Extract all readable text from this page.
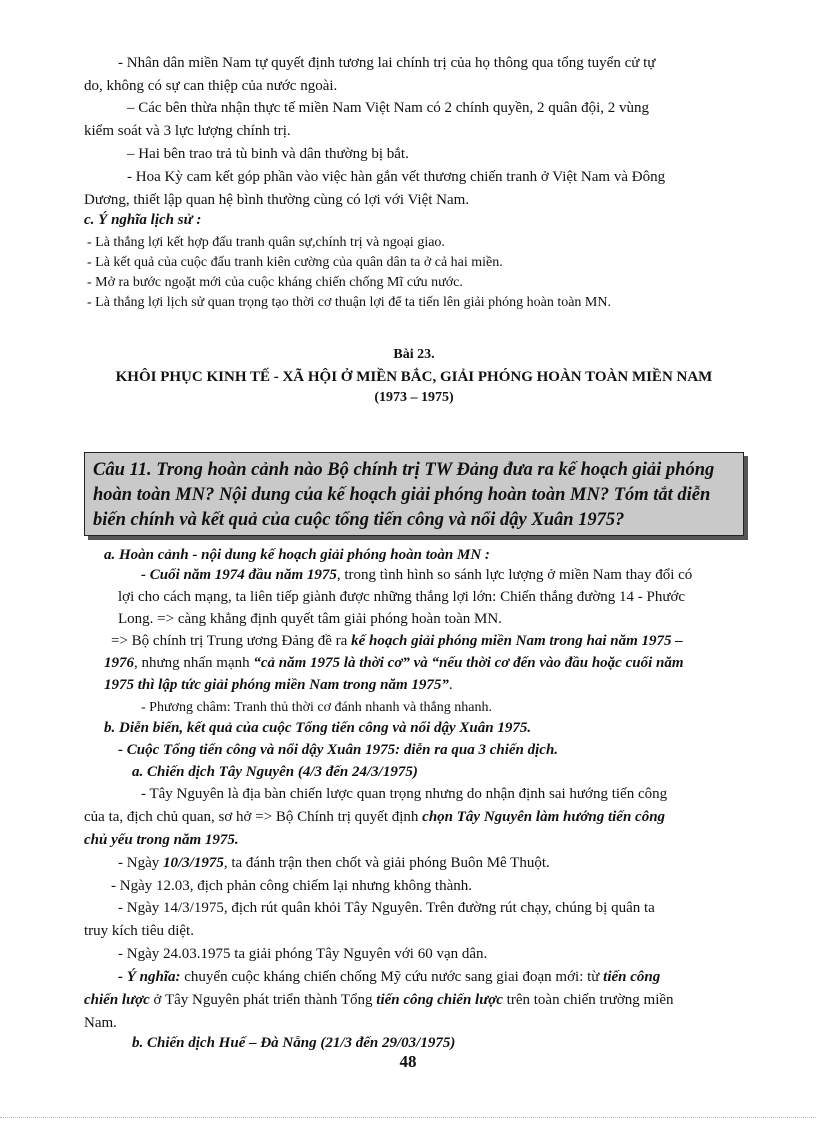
- Nhân dân miền Nam tự quyết định tương lai chính trị của họ thông qua tổng tuyển cử tự
do, không có sự can thiệp của nước ngoài.
– Các bên thừa nhận thực tế miền Nam Việt Nam có 2 chính quyền, 2 quân đội, 2 vùng
kiểm soát và 3 lực lượng chính trị.
– Hai bên trao trả tù binh và dân thường bị bắt.
- Hoa Kỳ cam kết góp phần vào việc hàn gắn vết thương chiến tranh ở Việt Nam và Đông
Dương, thiết lập quan hệ bình thường cùng có lợi với Việt Nam.
c. Ý nghĩa lịch sử :
- Là thắng lợi kết hợp đấu tranh quân sự,chính trị và ngoại giao.
- Là kết quả của cuộc đấu tranh kiên cường của quân dân ta ở cả hai miền.
- Mở ra bước ngoặt mới của cuộc kháng chiến chống Mĩ cứu nước.
- Là thắng lợi lịch sử quan trọng tạo thời cơ thuận lợi để ta tiến lên giải phóng hoàn toàn MN.
Bài 23.
KHÔI PHỤC KINH TẾ - XÃ HỘI Ở MIỀN BẮC, GIẢI PHÓNG HOÀN TOÀN MIỀN NAM
(1973 – 1975)
Câu 11. Trong hoàn cảnh nào Bộ chính trị TW Đảng đưa ra kế hoạch giải phóng
hoàn toàn MN? Nội dung của kế hoạch giải phóng hoàn toàn MN? Tóm tắt diễn
biến chính và kết quả của cuộc tổng tiến công và nổi dậy Xuân 1975?
a. Hoàn cảnh - nội dung kế hoạch giải phóng hoàn toàn MN :
- Cuối năm 1974 đầu năm 1975, trong tình hình so sánh lực lượng ở miền Nam thay đổi có
lợi cho cách mạng, ta liên tiếp giành được những thắng lợi lớn: Chiến thắng đường 14 - Phước
Long. => càng khẳng định quyết tâm giải phóng hoàn toàn MN.
=> Bộ chính trị Trung ương Đảng đề ra kế hoạch giải phóng miền Nam trong hai năm 1975 –
1976, nhưng nhấn mạnh “cả năm 1975 là thời cơ” và “nếu thời cơ đến vào đầu hoặc cuối năm
1975 thì lập tức giải phóng miền Nam trong năm 1975”.
- Phương châm: Tranh thủ thời cơ đánh nhanh và thắng nhanh.
b. Diễn biến, kết quả của cuộc Tổng tiến công và nổi dậy Xuân 1975.
- Cuộc Tổng tiến công và nổi dậy Xuân 1975: diễn ra qua 3 chiến dịch.
a. Chiến dịch Tây Nguyên (4/3 đến 24/3/1975)
- Tây Nguyên là địa bàn chiến lược quan trọng nhưng do nhận định sai hướng tiến công
của ta, địch chủ quan, sơ hở => Bộ Chính trị quyết định chọn Tây Nguyên làm hướng tiến công
chủ yếu trong năm 1975.
- Ngày 10/3/1975, ta đánh trận then chốt và giải phóng Buôn Mê Thuột.
- Ngày 12.03, địch phản công chiếm lại nhưng không thành.
- Ngày 14/3/1975, địch rút quân khỏi Tây Nguyên. Trên đường rút chạy, chúng bị quân ta
truy kích tiêu diệt.
- Ngày 24.03.1975 ta giải phóng Tây Nguyên với 60 vạn dân.
- Ý nghĩa: chuyển cuộc kháng chiến chống Mỹ cứu nước sang giai đoạn mới: từ tiến công
chiến lược ở Tây Nguyên phát triển thành Tổng tiến công chiến lược trên toàn chiến trường miền
Nam.
b. Chiến dịch Huế – Đà Nẵng (21/3 đến 29/03/1975)
48
